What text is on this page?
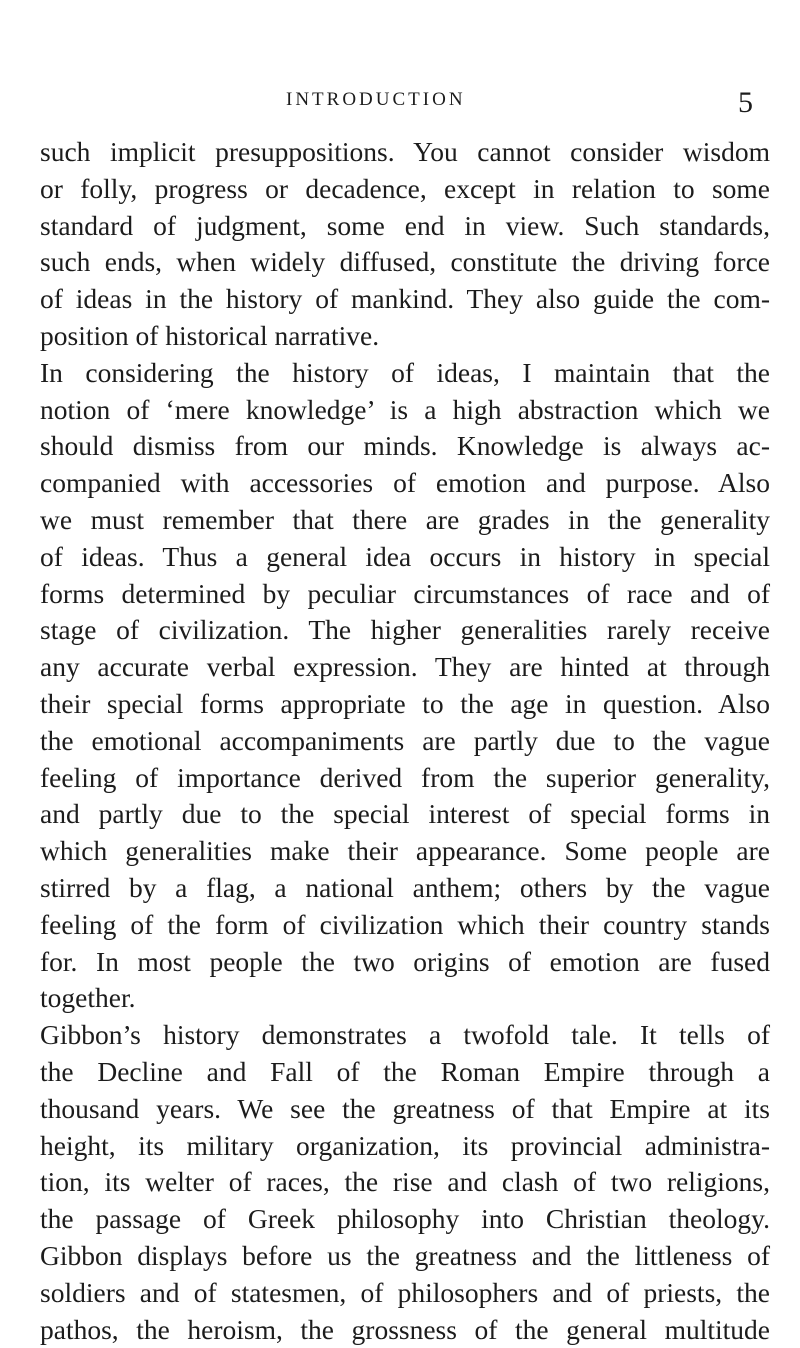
INTRODUCTION	5
such implicit presuppositions. You cannot consider wisdom
or folly, progress or decadence, except in relation to some
standard of judgment, some end in view. Such standards,
such ends, when widely diffused, constitute the driving force
of ideas in the history of mankind. They also guide the com-
position of historical narrative.
In considering the history of ideas, I maintain that the
notion of ‘mere knowledge’ is a high abstraction which we
should dismiss from our minds. Knowledge is always ac-
companied with accessories of emotion and purpose. Also
we must remember that there are grades in the generality
of ideas. Thus a general idea occurs in history in special
forms determined by peculiar circumstances of race and of
stage of civilization. The higher generalities rarely receive
any accurate verbal expression. They are hinted at through
their special forms appropriate to the age in question. Also
the emotional accompaniments are partly due to the vague
feeling of importance derived from the superior generality,
and partly due to the special interest of special forms in
which generalities make their appearance. Some people are
stirred by a flag, a national anthem; others by the vague
feeling of the form of civilization which their country stands
for. In most people the two origins of emotion are fused
together.
Gibbon’s history demonstrates a twofold tale. It tells of
the Decline and Fall of the Roman Empire through a
thousand years. We see the greatness of that Empire at its
height, its military organization, its provincial administra-
tion, its welter of races, the rise and clash of two religions,
the passage of Greek philosophy into Christian theology.
Gibbon displays before us the greatness and the littleness of
soldiers and of statesmen, of philosophers and of priests, the
pathos, the heroism, the grossness of the general multitude
